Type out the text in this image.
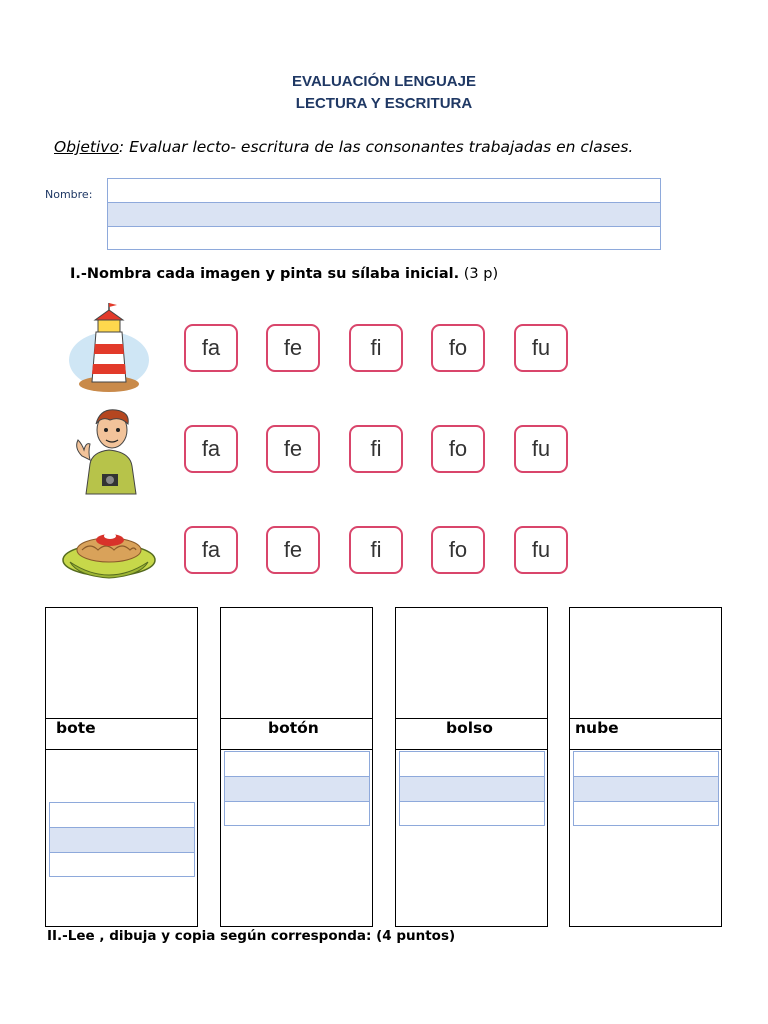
EVALUACIÓN LENGUAJE
LECTURA Y ESCRITURA
Objetivo: Evaluar lecto- escritura de las consonantes trabajadas en clases.
Nombre:
I.-Nombra cada imagen y pinta su sílaba inicial. (3 p)
fa	fe	fi	fo	fu
fa	fe	fi	fo	fu
fa	fe	fi	fo	fu
bote	botón	bolso	nube
II.-Lee , dibuja y copia según corresponda: (4 puntos)
